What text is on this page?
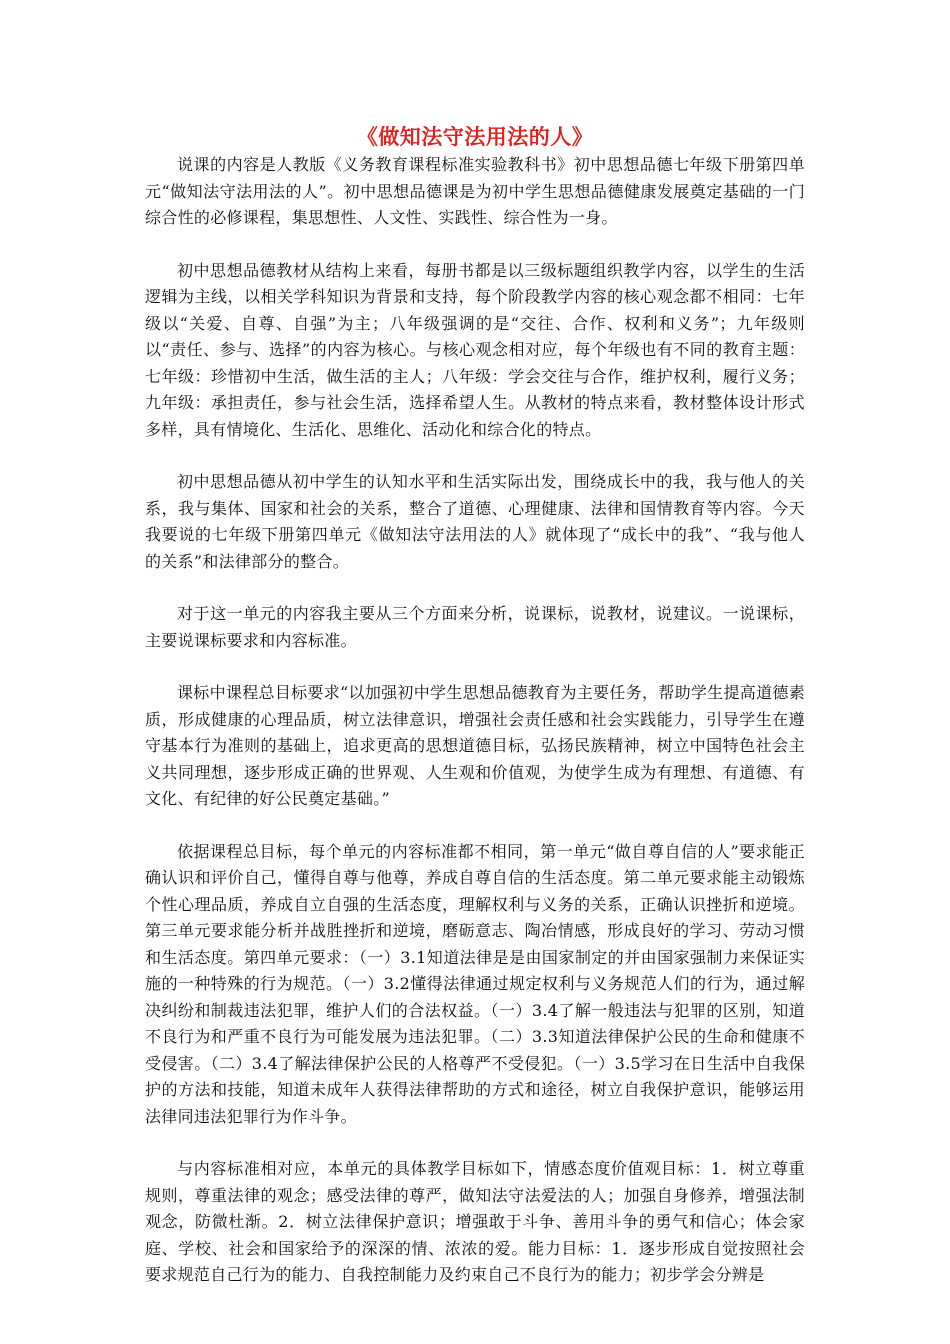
《做知法守法用法的人》

说课的内容是人教版《义务教育课程标准实验教科书》初中思想品德七年级下册第四单元“做知法守法用法的人”。初中思想品德课是为初中学生思想品德健康发展奠定基础的一门综合性的必修课程，集思想性、人文性、实践性、综合性为一身。

初中思想品德教材从结构上来看，每册书都是以三级标题组织教学内容，以学生的生活逻辑为主线，以相关学科知识为背景和支持，每个阶段教学内容的核心观念都不相同：七年级以“关爱、自尊、自强”为主；八年级强调的是“交往、合作、权利和义务”；九年级则以“责任、参与、选择”的内容为核心。与核心观念相对应，每个年级也有不同的教育主题：七年级：珍惜初中生活，做生活的主人；八年级：学会交往与合作，维护权利，履行义务；九年级：承担责任，参与社会生活，选择希望人生。从教材的特点来看，教材整体设计形式多样，具有情境化、生活化、思维化、活动化和综合化的特点。

初中思想品德从初中学生的认知水平和生活实际出发，围绕成长中的我，我与他人的关系，我与集体、国家和社会的关系，整合了道德、心理健康、法律和国情教育等内容。今天我要说的七年级下册第四单元《做知法守法用法的人》就体现了“成长中的我”、“我与他人的关系”和法律部分的整合。

对于这一单元的内容我主要从三个方面来分析，说课标，说教材，说建议。一说课标，主要说课标要求和内容标准。

课标中课程总目标要求“以加强初中学生思想品德教育为主要任务，帮助学生提高道德素质，形成健康的心理品质，树立法律意识，增强社会责任感和社会实践能力，引导学生在遵守基本行为准则的基础上，追求更高的思想道德目标，弘扬民族精神，树立中国特色社会主义共同理想，逐步形成正确的世界观、人生观和价值观，为使学生成为有理想、有道德、有文化、有纪律的好公民奠定基础。”

依据课程总目标，每个单元的内容标准都不相同，第一单元“做自尊自信的人”要求能正确认识和评价自己，懂得自尊与他尊，养成自尊自信的生活态度。第二单元要求能主动锻炼个性心理品质，养成自立自强的生活态度，理解权利与义务的关系，正确认识挫折和逆境。第三单元要求能分析并战胜挫折和逆境，磨砺意志、陶冶情感，形成良好的学习、劳动习惯和生活态度。第四单元要求：（一）3.1知道法律是是由国家制定的并由国家强制力来保证实施的一种特殊的行为规范。（一）3.2懂得法律通过规定权利与义务规范人们的行为，通过解决纠纷和制裁违法犯罪，维护人们的合法权益。（一）3.4了解一般违法与犯罪的区别，知道不良行为和严重不良行为可能发展为违法犯罪。（二）3.3知道法律保护公民的生命和健康不受侵害。（二）3.4了解法律保护公民的人格尊严不受侵犯。（一）3.5学习在日生活中自我保护的方法和技能，知道未成年人获得法律帮助的方式和途径，树立自我保护意识，能够运用法律同违法犯罪行为作斗争。

与内容标准相对应，本单元的具体教学目标如下，情感态度价值观目标：1．树立尊重规则，尊重法律的观念；感受法律的尊严，做知法守法爱法的人；加强自身修养，增强法制观念，防微杜渐。2．树立法律保护意识；增强敢于斗争、善用斗争的勇气和信心；体会家庭、学校、社会和国家给予的深深的情、浓浓的爱。能力目标：1．逐步形成自觉按照社会要求规范自己行为的能力、自我控制能力及约束自己不良行为的能力；初步学会分辨是
